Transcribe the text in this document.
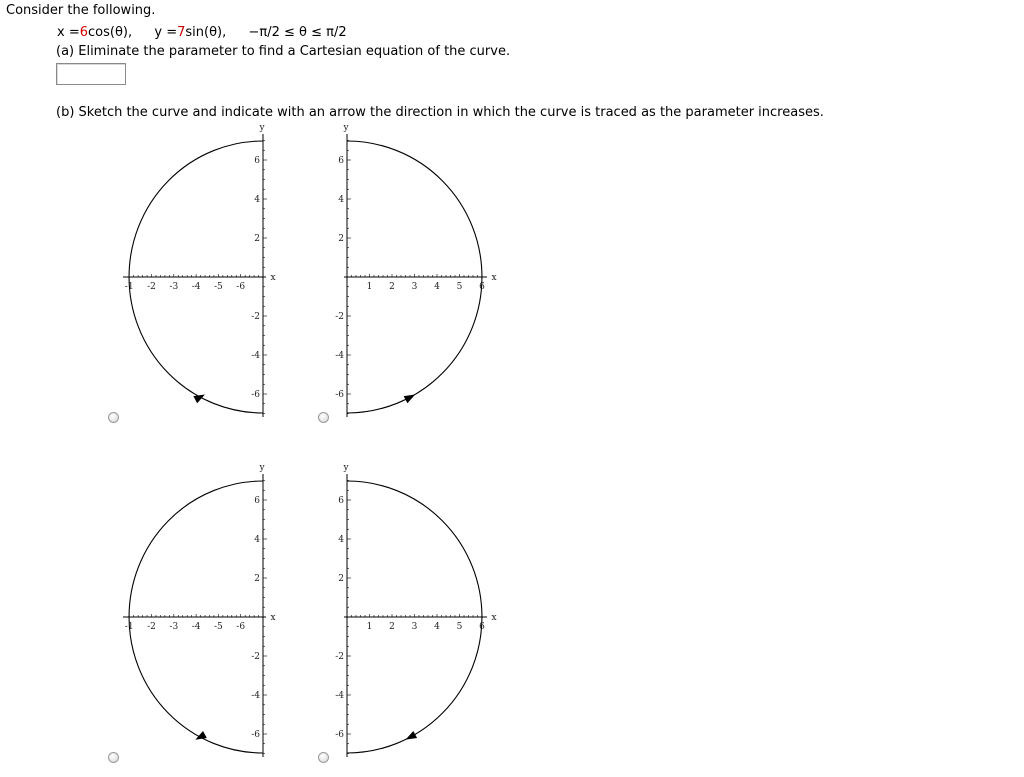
Consider the following.
x =6cos(θ), y =7sin(θ), −π/2 ≤ θ ≤ π/2
(a) Eliminate the parameter to find a Cartesian equation of the curve.
(b) Sketch the curve and indicate with an arrow the direction in which the curve is traced as the parameter increases.
-6
-5
-4
-3
-2
-1
6
4
2
-2
-4
-6
x
y
1 2 3 4 5 6
6
4
2
-2
-4
-6
x
y
-6
-5
-4
-3
-2
-1
6
4
2
-2
-4
-6
x
y
1 2 3 4 5 6
6
4
2
-2
-4
-6
x
y
